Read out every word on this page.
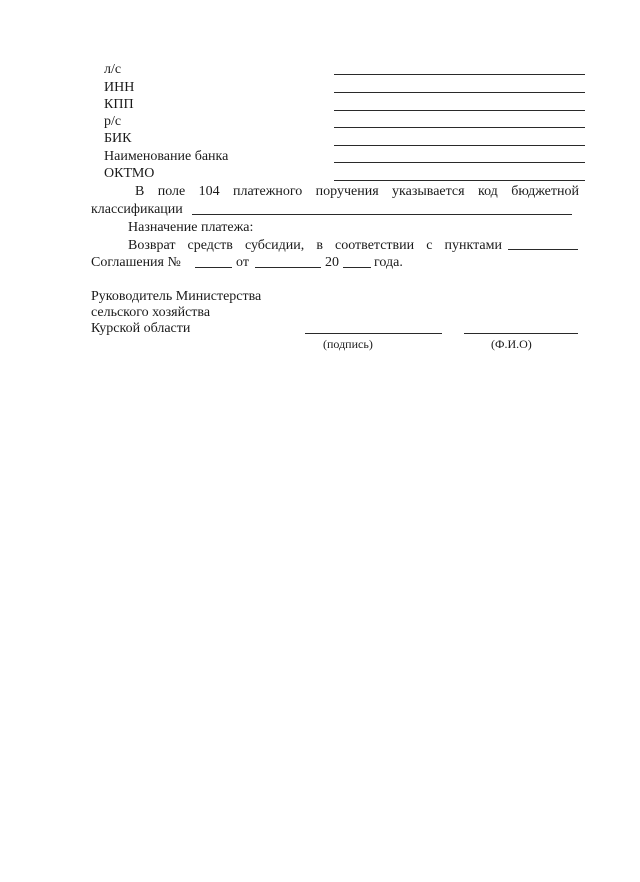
л/с
ИНН
КПП
р/с
БИК
Наименование банка
ОКТМО
В поле 104 платежного поручения указывается код бюджетной
классификации
Назначение платежа:
Возврат средств субсидии, в соответствии с пунктами
Соглашения №	от	20	года.
Руководитель Министерства
сельского хозяйства
Курской области
(подпись)	(Ф.И.О)
